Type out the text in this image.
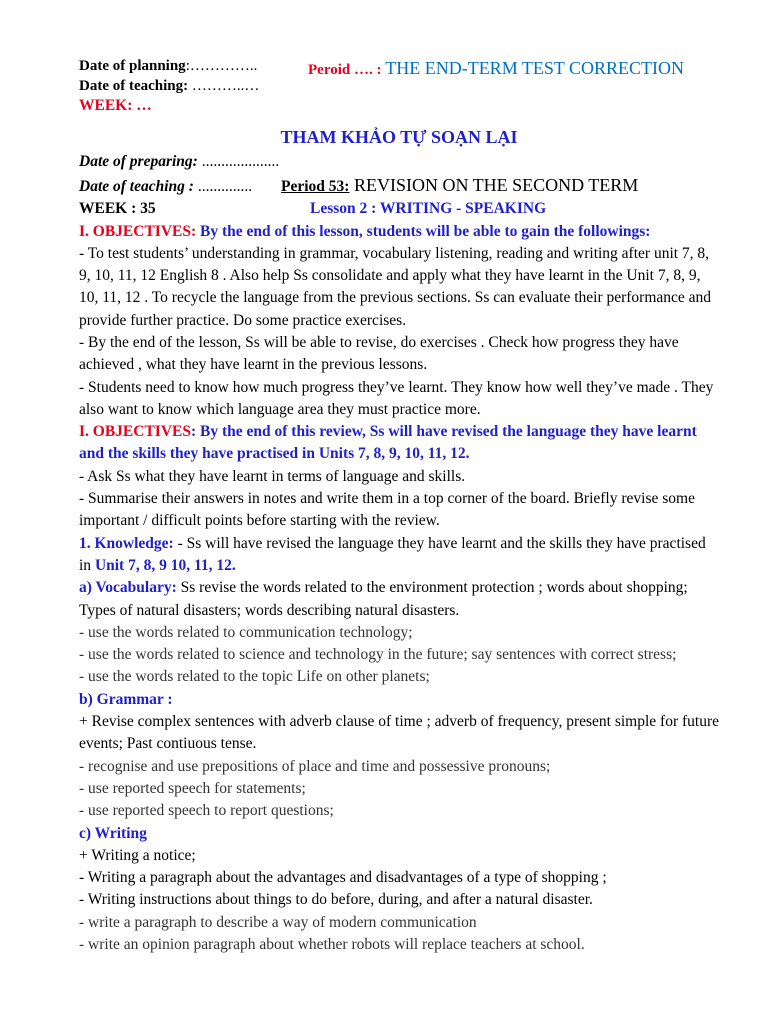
Date of planning:…………..
Date of teaching: ………..…
Peroid …. : THE END-TERM TEST CORRECTION
WEEK: …
THAM KHẢO TỰ SOẠN LẠI
Date of preparing: ....................
Date of teaching : .............. Period 53: REVISION ON THE SECOND TERM
WEEK : 35	Lesson 2 : WRITING - SPEAKING

I. OBJECTIVES: By the end of this lesson, students will be able to gain the followings:

- To test students’ understanding in grammar, vocabulary listening, reading and writing after unit 7, 8, 9, 10, 11, 12 English 8 . Also help Ss consolidate and apply what they have learnt in the Unit 7, 8, 9, 10, 11, 12 . To recycle the language from the previous sections. Ss can evaluate their performance and provide further practice. Do some practice exercises.

- By the end of the lesson, Ss will be able to revise, do exercises . Check how progress they have achieved , what they have learnt in the previous lessons.

- Students need to know how much progress they’ve learnt. They know how well they’ve made . They also want to know which language area they must practice more.

I. OBJECTIVES: By the end of this review, Ss will have revised the language they have learnt and the skills they have practised in Units 7, 8, 9, 10, 11, 12.

- Ask Ss what they have learnt in terms of language and skills.

- Summarise their answers in notes and write them in a top corner of the board. Briefly revise some important / difficult points before starting with the review.

1. Knowledge: - Ss will have revised the language they have learnt and the skills they have practised in Unit 7, 8, 9 10, 11, 12.

a) Vocabulary: Ss revise the words related to the environment protection ; words about shopping; Types of natural disasters; words describing natural disasters.

- use the words related to communication technology;

- use the words related to science and technology in the future; say sentences with correct stress;

- use the words related to the topic Life on other planets;

b) Grammar :

+ Revise complex sentences with adverb clause of time ; adverb of frequency, present simple for future events; Past contiuous tense.

- recognise and use prepositions of place and time and possessive pronouns;

- use reported speech for statements;

- use reported speech to report questions;

c) Writing

+ Writing a notice;

- Writing a paragraph about the advantages and disadvantages of a type of shopping ;

- Writing instructions about things to do before, during, and after a natural disaster.

- write a paragraph to describe a way of modern communication

- write an opinion paragraph about whether robots will replace teachers at school.
